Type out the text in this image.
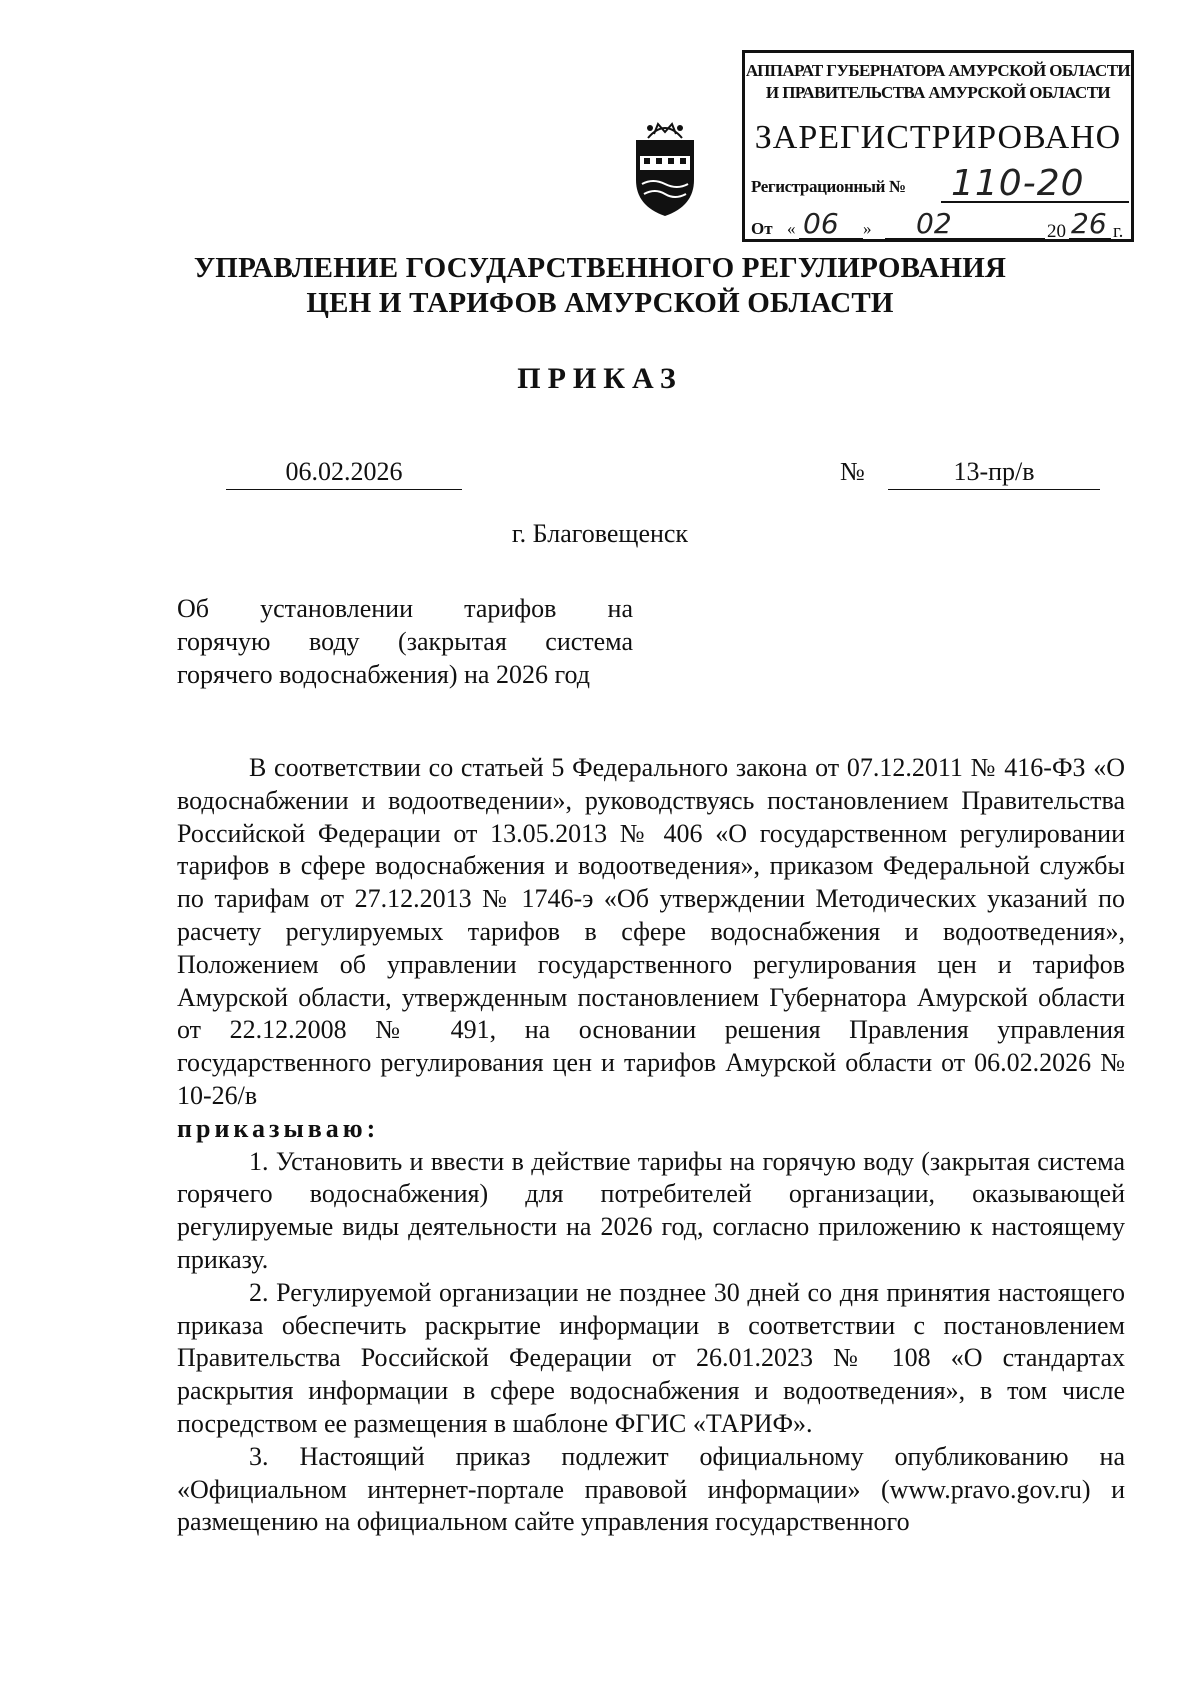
АППАРАТ ГУБЕРНАТОРА АМУРСКОЙ ОБЛАСТИ
И ПРАВИТЕЛЬСТВА АМУРСКОЙ ОБЛАСТИ
ЗАРЕГИСТРИРОВАНО
Регистрационный № 110-20
От « 06 » 02	20 26 г.
УПРАВЛЕНИЕ ГОСУДАРСТВЕННОГО РЕГУЛИРОВАНИЯ
ЦЕН И ТАРИФОВ АМУРСКОЙ ОБЛАСТИ
ПРИКАЗ
06.02.2026	№	13-пр/в
г. Благовещенск
Об установлении тарифов на
горячую воду (закрытая система
горячего водоснабжения) на 2026 год

В соответствии со статьей 5 Федерального закона от 07.12.2011 № 416-ФЗ «О водоснабжении и водоотведении», руководствуясь постановлением Правительства Российской Федерации от 13.05.2013 № 406 «О государственном регулировании тарифов в сфере водоснабжения и водоотведения», приказом Федеральной службы по тарифам от 27.12.2013 № 1746-э «Об утверждении Методических указаний по расчету регулируемых тарифов в сфере водоснабжения и водоотведения», Положением об управлении государственного регулирования цен и тарифов Амурской области, утвержденным постановлением Губернатора Амурской области от 22.12.2008 № 491, на основании решения Правления управления государственного регулирования цен и тарифов Амурской области от 06.02.2026 № 10-26/в

приказываю:

1. Установить и ввести в действие тарифы на горячую воду (закрытая система горячего водоснабжения) для потребителей организации, оказывающей регулируемые виды деятельности на 2026 год, согласно приложению к настоящему приказу.

2. Регулируемой организации не позднее 30 дней со дня принятия настоящего приказа обеспечить раскрытие информации в соответствии с постановлением Правительства Российской Федерации от 26.01.2023 № 108 «О стандартах раскрытия информации в сфере водоснабжения и водоотведения», в том числе посредством ее размещения в шаблоне ФГИС «ТАРИФ».

3. Настоящий приказ подлежит официальному опубликованию на «Официальном интернет-портале правовой информации» (www.pravo.gov.ru) и размещению на официальном сайте управления государственного
